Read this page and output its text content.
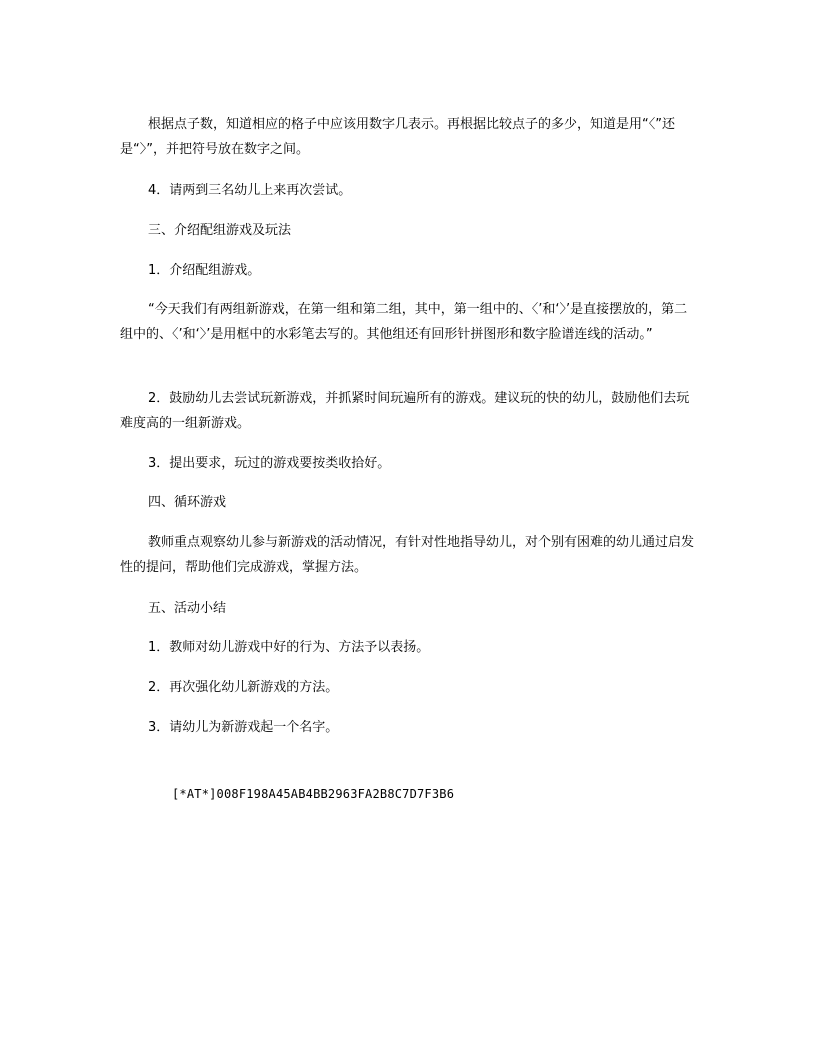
根据点子数，知道相应的格子中应该用数字几表示。再根据比较点子的多少，知道是用“〈”还是“〉”，并把符号放在数字之间。

4．请两到三名幼儿上来再次尝试。

三、介绍配组游戏及玩法

1．介绍配组游戏。

“今天我们有两组新游戏，在第一组和第二组，其中，第一组中的、〈’和‘〉’是直接摆放的，第二组中的、〈’和‘〉’是用框中的水彩笔去写的。其他组还有回形针拼图形和数字脸谱连线的活动。”

2．鼓励幼儿去尝试玩新游戏，并抓紧时间玩遍所有的游戏。建议玩的快的幼儿，鼓励他们去玩难度高的一组新游戏。

3．提出要求，玩过的游戏要按类收拾好。

四、循环游戏

教师重点观察幼儿参与新游戏的活动情况，有针对性地指导幼儿，对个别有困难的幼儿通过启发性的提问，帮助他们完成游戏，掌握方法。

五、活动小结

1．教师对幼儿游戏中好的行为、方法予以表扬。

2．再次强化幼儿新游戏的方法。

3．请幼儿为新游戏起一个名字。

[*AT*]008F198A45AB4BB2963FA2B8C7D7F3B6
